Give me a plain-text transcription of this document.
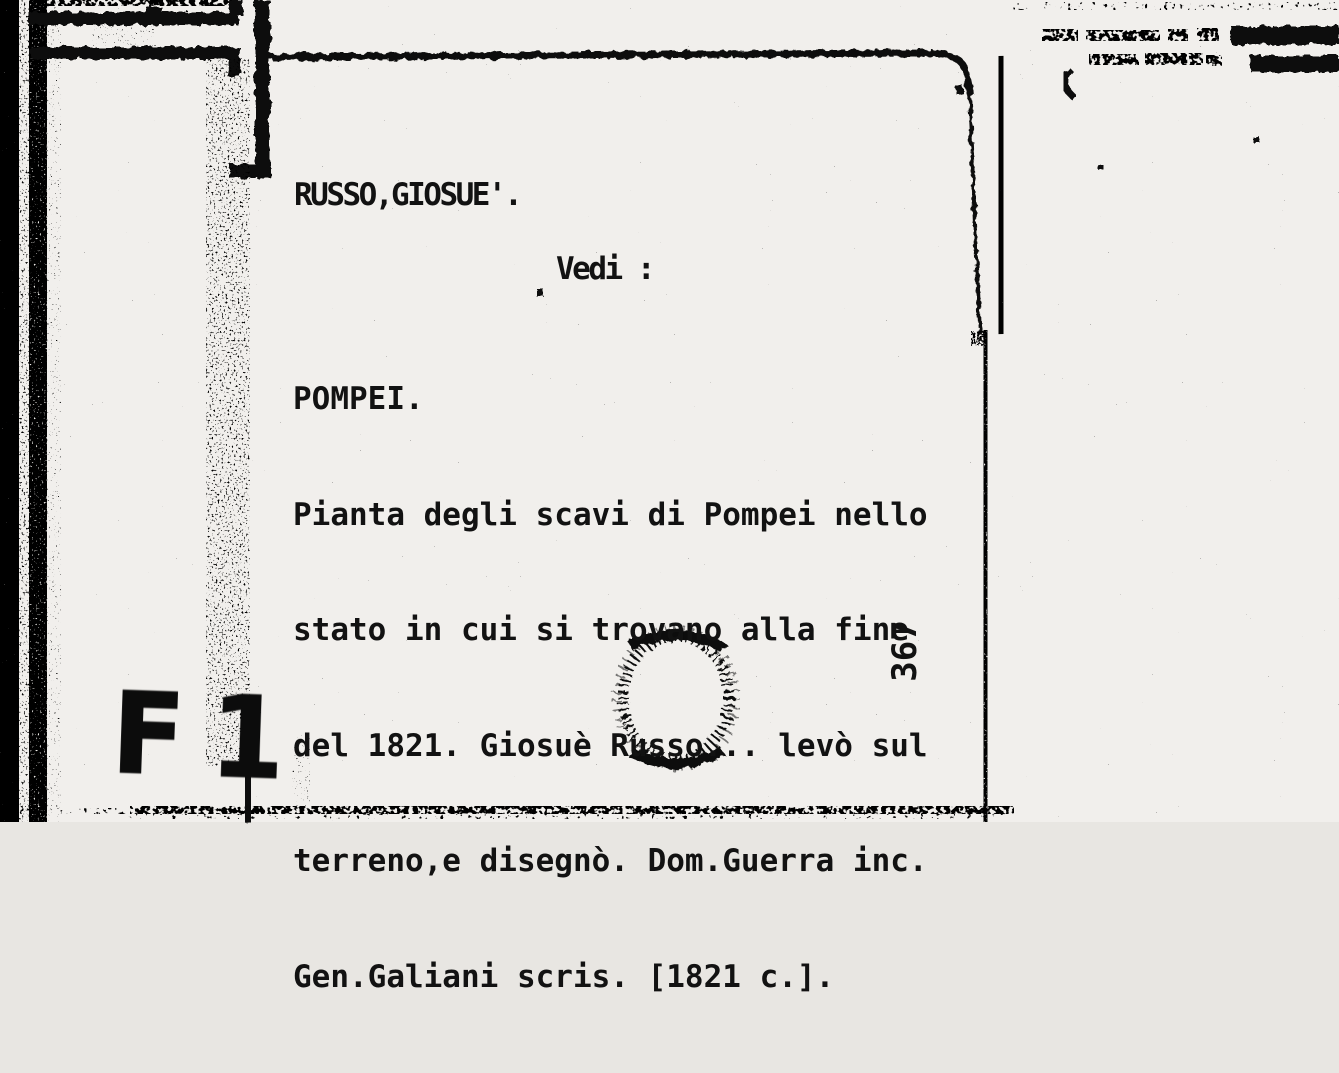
RUSSO,GIOSUE'.
Vedi :

POMPEI.

Pianta degli scavi di Pompei nello

stato in cui si trovano alla fine

del 1821. Giosuè Russo... levò sul

terreno,e disegnò. Dom.Guerra inc.

Gen.Galiani scris. [1821 c.].

367
F 1
